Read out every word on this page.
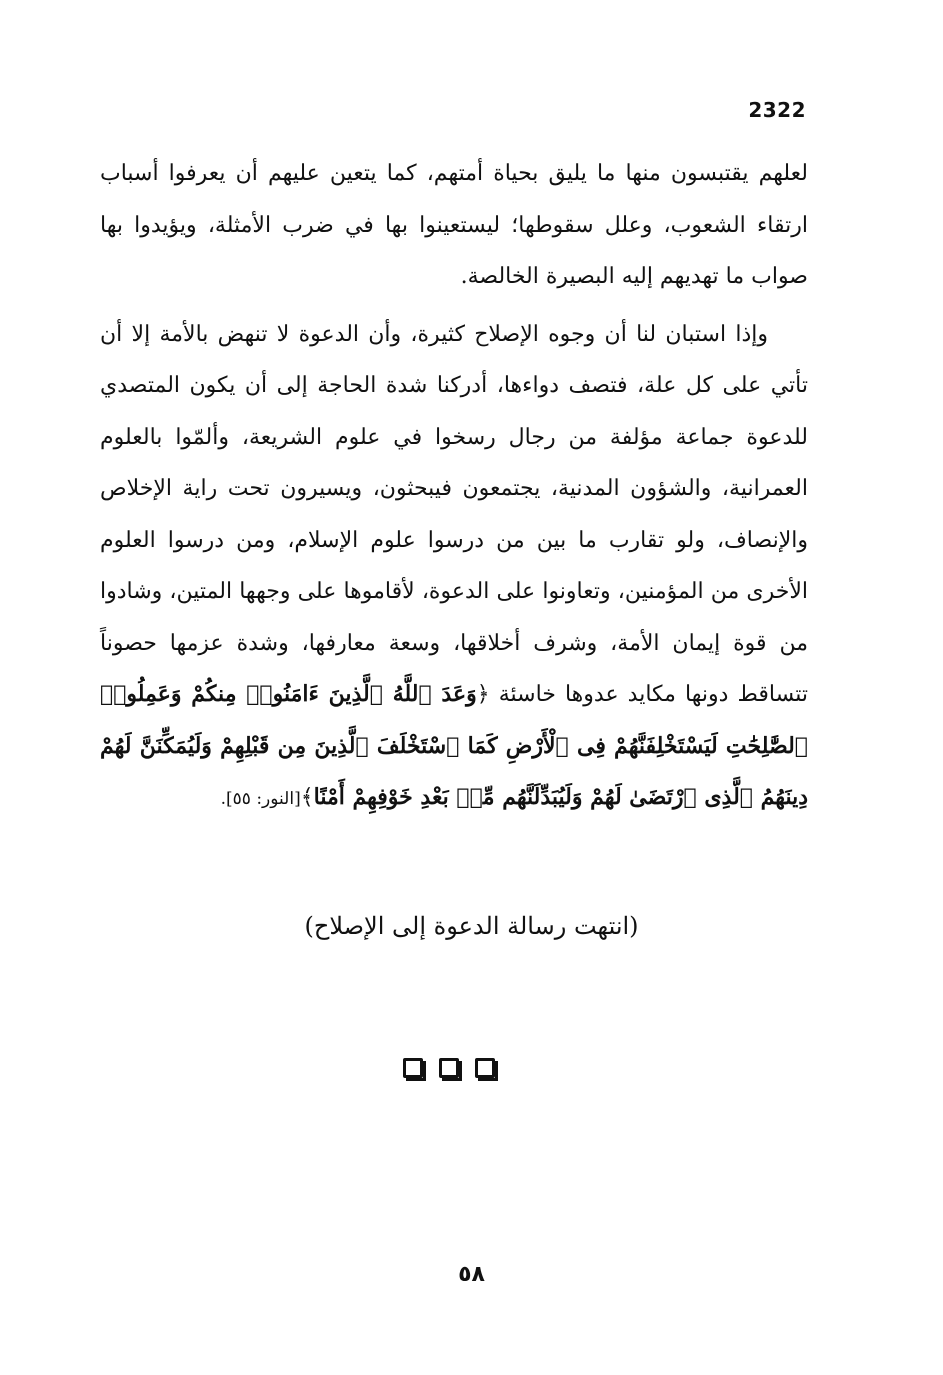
2322

لعلهم يقتبسون منها ما يليق بحياة أمتهم، كما يتعين عليهم أن يعرفوا أسباب ارتقاء الشعوب، وعلل سقوطها؛ ليستعينوا بها في ضرب الأمثلة، ويؤيدوا بها صواب ما تهديهم إليه البصيرة الخالصة.

وإذا استبان لنا أن وجوه الإصلاح كثيرة، وأن الدعوة لا تنهض بالأمة إلا أن تأتي على كل علة، فتصف دواءها، أدركنا شدة الحاجة إلى أن يكون المتصدي للدعوة جماعة مؤلفة من رجال رسخوا في علوم الشريعة، وألمّوا بالعلوم العمرانية، والشؤون المدنية، يجتمعون فيبحثون، ويسيرون تحت راية الإخلاص والإنصاف، ولو تقارب ما بين من درسوا علوم الإسلام، ومن درسوا العلوم الأخرى من المؤمنين، وتعاونوا على الدعوة، لأقاموها على وجهها المتين، وشادوا من قوة إيمان الأمة، وشرف أخلاقها، وسعة معارفها، وشدة عزمها حصوناً تتساقط دونها مكايد عدوها خاسئة ﴿وَعَدَ ٱللَّهُ ٱلَّذِينَ ءَامَنُوا۟ مِنكُمْ وَعَمِلُوا۟ ٱلصَّٰلِحَٰتِ لَيَسْتَخْلِفَنَّهُمْ فِى ٱلْأَرْضِ كَمَا ٱسْتَخْلَفَ ٱلَّذِينَ مِن قَبْلِهِمْ وَلَيُمَكِّنَنَّ لَهُمْ دِينَهُمُ ٱلَّذِى ٱرْتَضَىٰ لَهُمْ وَلَيُبَدِّلَنَّهُم مِّنۢ بَعْدِ خَوْفِهِمْ أَمْنًا﴾[النور: ٥٥].

(انتهت رسالة الدعوة إلى الإصلاح)
٥٨
